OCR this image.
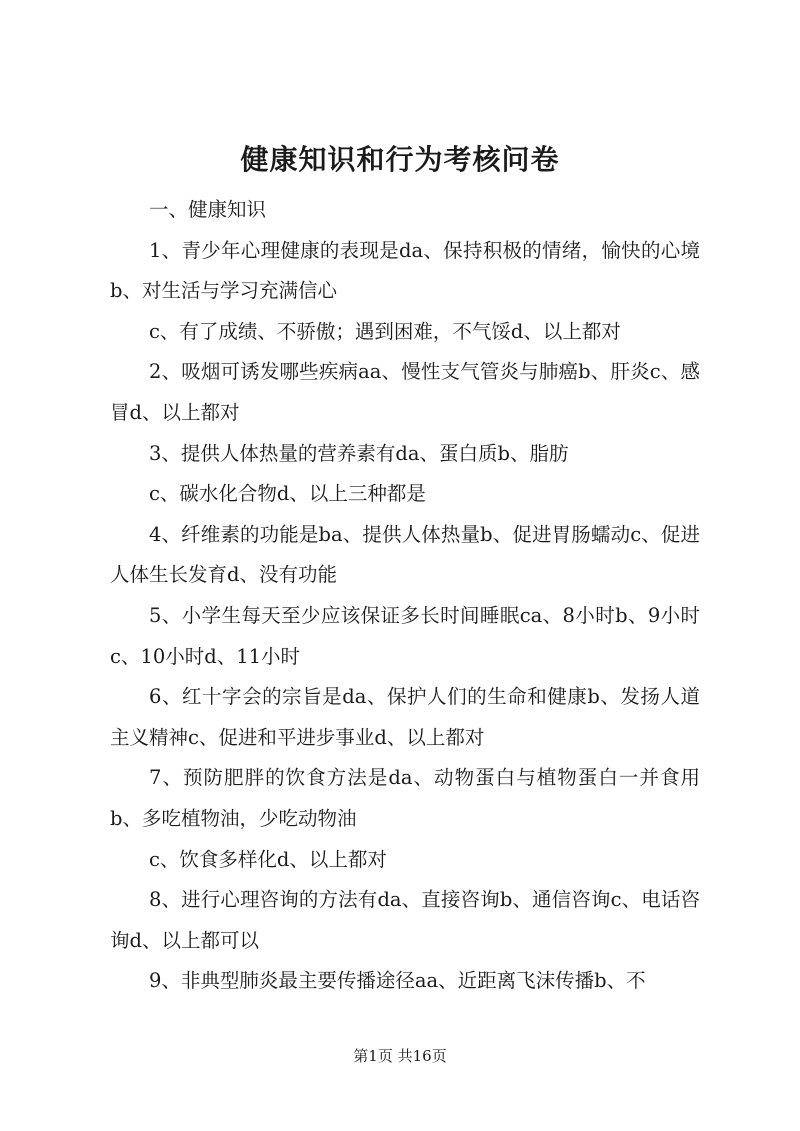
健康知识和行为考核问卷

一、健康知识

1、青少年心理健康的表现是da、保持积极的情绪，愉快的心境b、对生活与学习充满信心

c、有了成绩、不骄傲；遇到困难，不气馁d、以上都对

2、吸烟可诱发哪些疾病aa、慢性支气管炎与肺癌b、肝炎c、感冒d、以上都对

3、提供人体热量的营养素有da、蛋白质b、脂肪

c、碳水化合物d、以上三种都是

4、纤维素的功能是ba、提供人体热量b、促进胃肠蠕动c、促进人体生长发育d、没有功能

5、小学生每天至少应该保证多长时间睡眠ca、8小时b、9小时c、10小时d、11小时

6、红十字会的宗旨是da、保护人们的生命和健康b、发扬人道主义精神c、促进和平进步事业d、以上都对

7、预防肥胖的饮食方法是da、动物蛋白与植物蛋白一并食用b、多吃植物油，少吃动物油

c、饮食多样化d、以上都对

8、进行心理咨询的方法有da、直接咨询b、通信咨询c、电话咨询d、以上都可以

9、非典型肺炎最主要传播途径aa、近距离飞沫传播b、不

第1页 共16页
